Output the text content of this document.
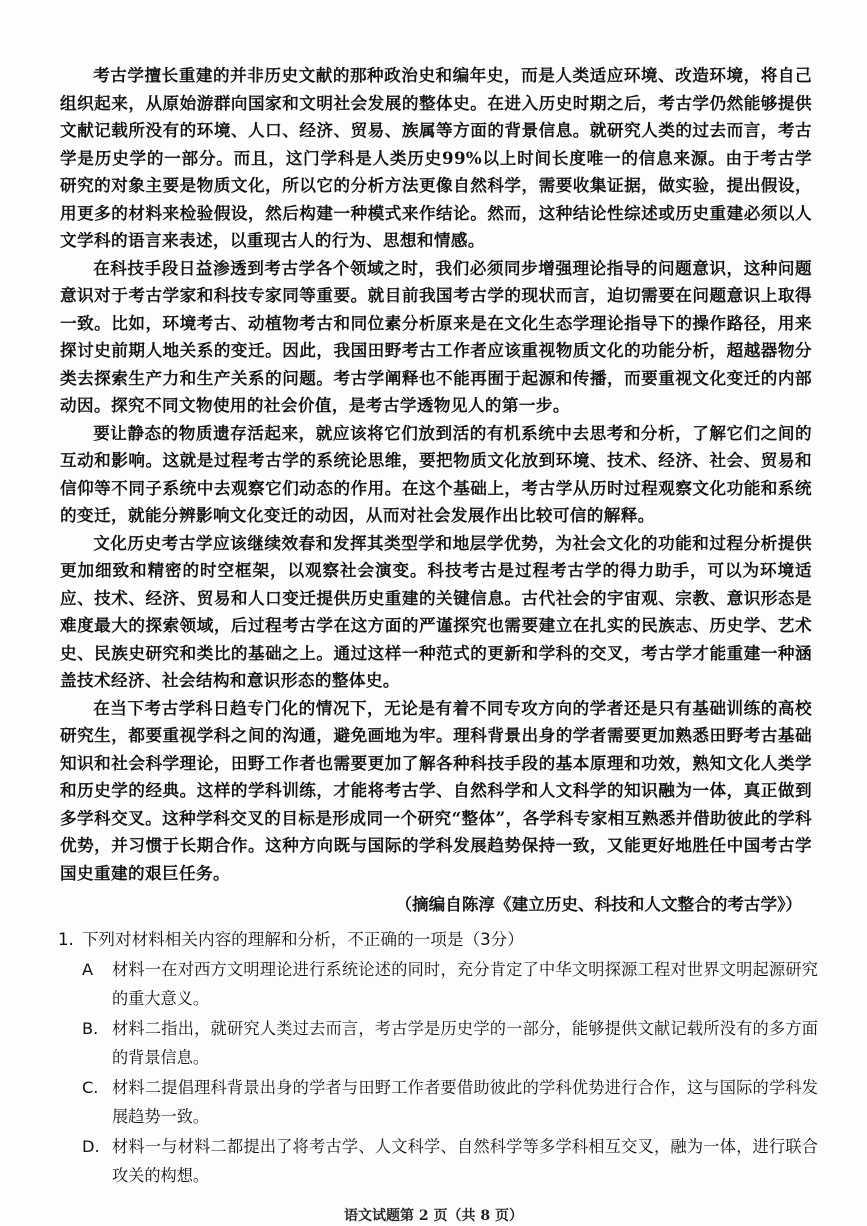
考古学擅长重建的并非历史文献的那种政治史和编年史，而是人类适应环境、改造环境，将自己组织起来，从原始游群向国家和文明社会发展的整体史。在进入历史时期之后，考古学仍然能够提供文献记载所没有的环境、人口、经济、贸易、族属等方面的背景信息。就研究人类的过去而言，考古学是历史学的一部分。而且，这门学科是人类历史99%以上时间长度唯一的信息来源。由于考古学研究的对象主要是物质文化，所以它的分析方法更像自然科学，需要收集证据，做实验，提出假设，用更多的材料来检验假设，然后构建一种模式来作结论。然而，这种结论性综述或历史重建必须以人文学科的语言来表述，以重现古人的行为、思想和情感。

在科技手段日益渗透到考古学各个领域之时，我们必须同步增强理论指导的问题意识，这种问题意识对于考古学家和科技专家同等重要。就目前我国考古学的现状而言，迫切需要在问题意识上取得一致。比如，环境考古、动植物考古和同位素分析原来是在文化生态学理论指导下的操作路径，用来探讨史前期人地关系的变迁。因此，我国田野考古工作者应该重视物质文化的功能分析，超越器物分类去探索生产力和生产关系的问题。考古学阐释也不能再囿于起源和传播，而要重视文化变迁的内部动因。探究不同文物使用的社会价值，是考古学透物见人的第一步。

要让静态的物质遗存活起来，就应该将它们放到活的有机系统中去思考和分析，了解它们之间的互动和影响。这就是过程考古学的系统论思维，要把物质文化放到环境、技术、经济、社会、贸易和信仰等不同子系统中去观察它们动态的作用。在这个基础上，考古学从历时过程观察文化功能和系统的变迁，就能分辨影响文化变迁的动因，从而对社会发展作出比较可信的解释。

文化历史考古学应该继续效春和发挥其类型学和地层学优势，为社会文化的功能和过程分析提供更加细致和精密的时空框架，以观察社会演变。科技考古是过程考古学的得力助手，可以为环境适应、技术、经济、贸易和人口变迁提供历史重建的关键信息。古代社会的宇宙观、宗教、意识形态是难度最大的探索领域，后过程考古学在这方面的严谨探究也需要建立在扎实的民族志、历史学、艺术史、民族史研究和类比的基础之上。通过这样一种范式的更新和学科的交叉，考古学才能重建一种涵盖技术经济、社会结构和意识形态的整体史。

在当下考古学科日趋专门化的情况下，无论是有着不同专攻方向的学者还是只有基础训练的高校研究生，都要重视学科之间的沟通，避免画地为牢。理科背景出身的学者需要更加熟悉田野考古基础知识和社会科学理论，田野工作者也需要更加了解各种科技手段的基本原理和功效，熟知文化人类学和历史学的经典。这样的学科训练，才能将考古学、自然科学和人文科学的知识融为一体，真正做到多学科交叉。这种学科交叉的目标是形成同一个研究“整体”，各学科专家相互熟悉并借助彼此的学科优势，并习惯于长期合作。这种方向既与国际的学科发展趋势保持一致，又能更好地胜任中国考古学国史重建的艰巨任务。

（摘编自陈淳《建立历史、科技和人文整合的考古学》）

1. 下列对材料相关内容的理解和分析，不正确的一项是（3分）

A	材料一在对西方文明理论进行系统论述的同时，充分肯定了中华文明探源工程对世界文明起源研究的重大意义。
B. 材料二指出，就研究人类过去而言，考古学是历史学的一部分，能够提供文献记载所没有的多方面的背景信息。
C. 材料二提倡理科背景出身的学者与田野工作者要借助彼此的学科优势进行合作，这与国际的学科发展趋势一致。
D. 材料一与材料二都提出了将考古学、人文科学、自然科学等多学科相互交叉，融为一体，进行联合攻关的构想。
语文试题第 2 页（共 8 页）
